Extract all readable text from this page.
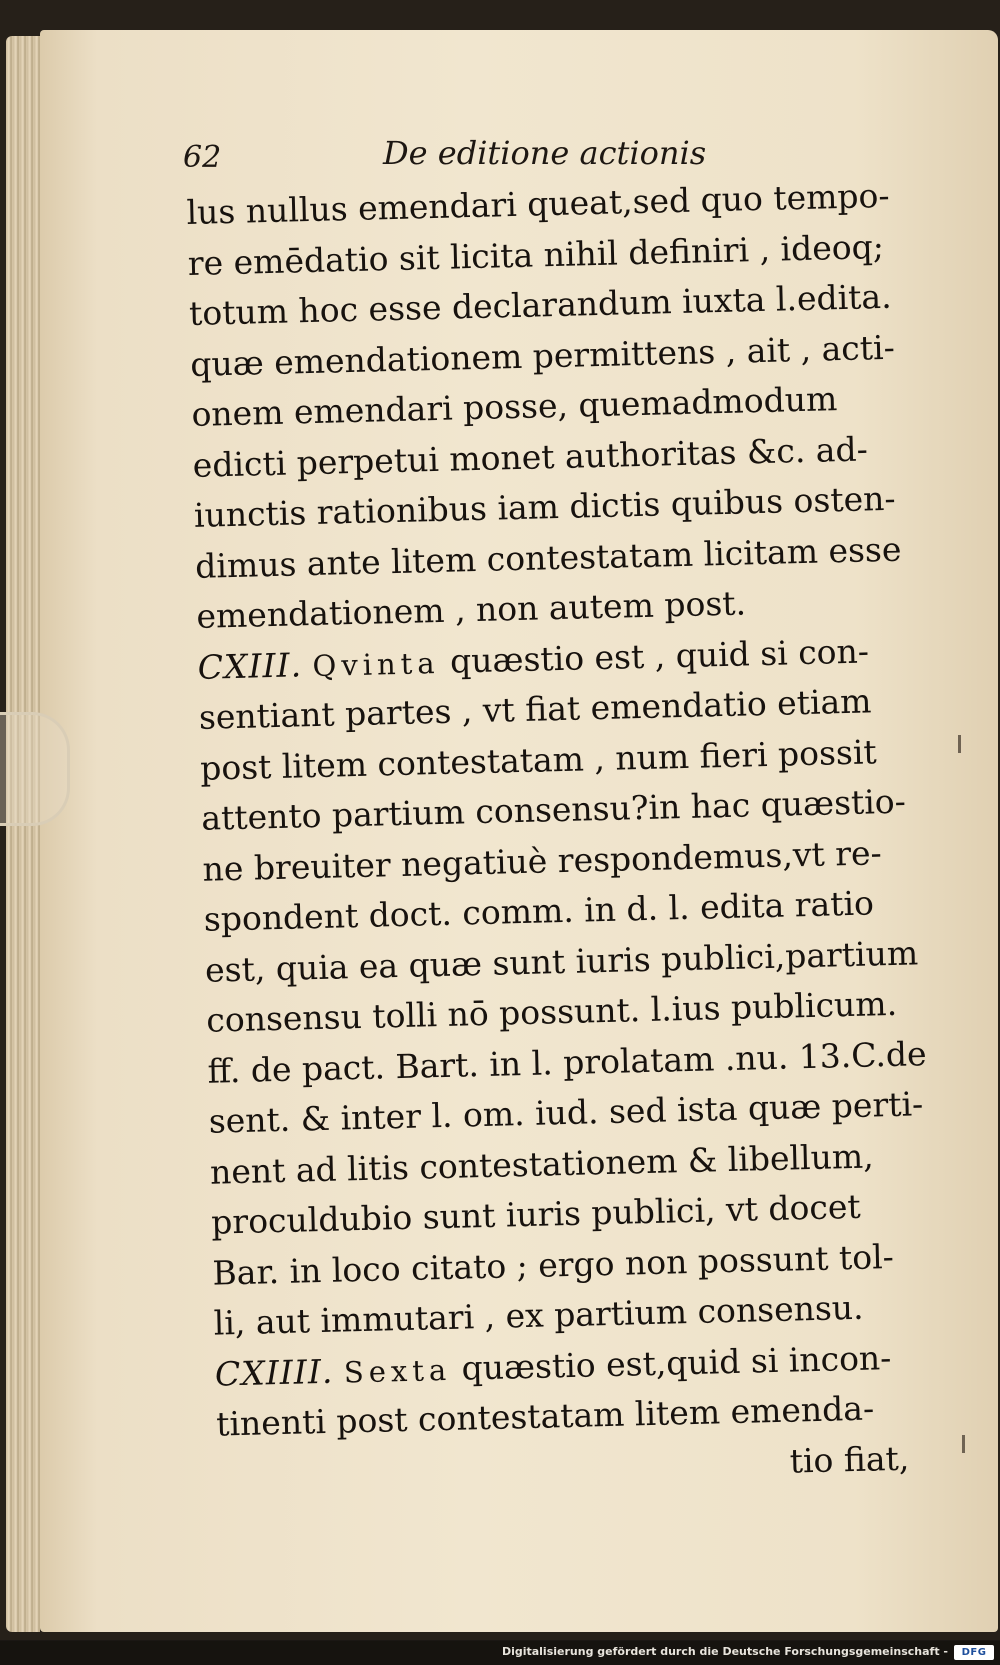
62	De editione actionis
lus nullus emendari queat,sed quo tempo-
re emēdatio sit licita nihil definiri , ideoq;
totum hoc esse declarandum iuxta l.edita.
quæ emendationem permittens , ait , acti-
onem emendari posse, quemadmodum
edicti perpetui monet authoritas &c. ad-
iunctis rationibus iam dictis quibus osten-
dimus ante litem contestatam licitam esse
emendationem , non autem post.
CXIII. Qvinta quæstio est , quid si con-
sentiant partes , vt fiat emendatio etiam
post litem contestatam , num fieri possit
attento partium consensu?in hac quæstio-
ne breuiter negatiuè respondemus,vt re-
spondent doct. comm. in d. l. edita ratio
est, quia ea quæ sunt iuris publici,partium
consensu tolli nō possunt. l.ius publicum.
ff. de pact. Bart. in l. prolatam .nu. 13.C.de
sent. & inter l. om. iud. sed ista quæ perti-
nent ad litis contestationem & libellum,
proculdubio sunt iuris publici, vt docet
Bar. in loco citato ; ergo non possunt tol-
li, aut immutari , ex partium consensu.
CXIIII. Sexta quæstio est,quid si incon-
tinenti post contestatam litem emenda-
tio fiat,
Digitalisierung gefördert durch die Deutsche Forschungsgemeinschaft -	DFG
